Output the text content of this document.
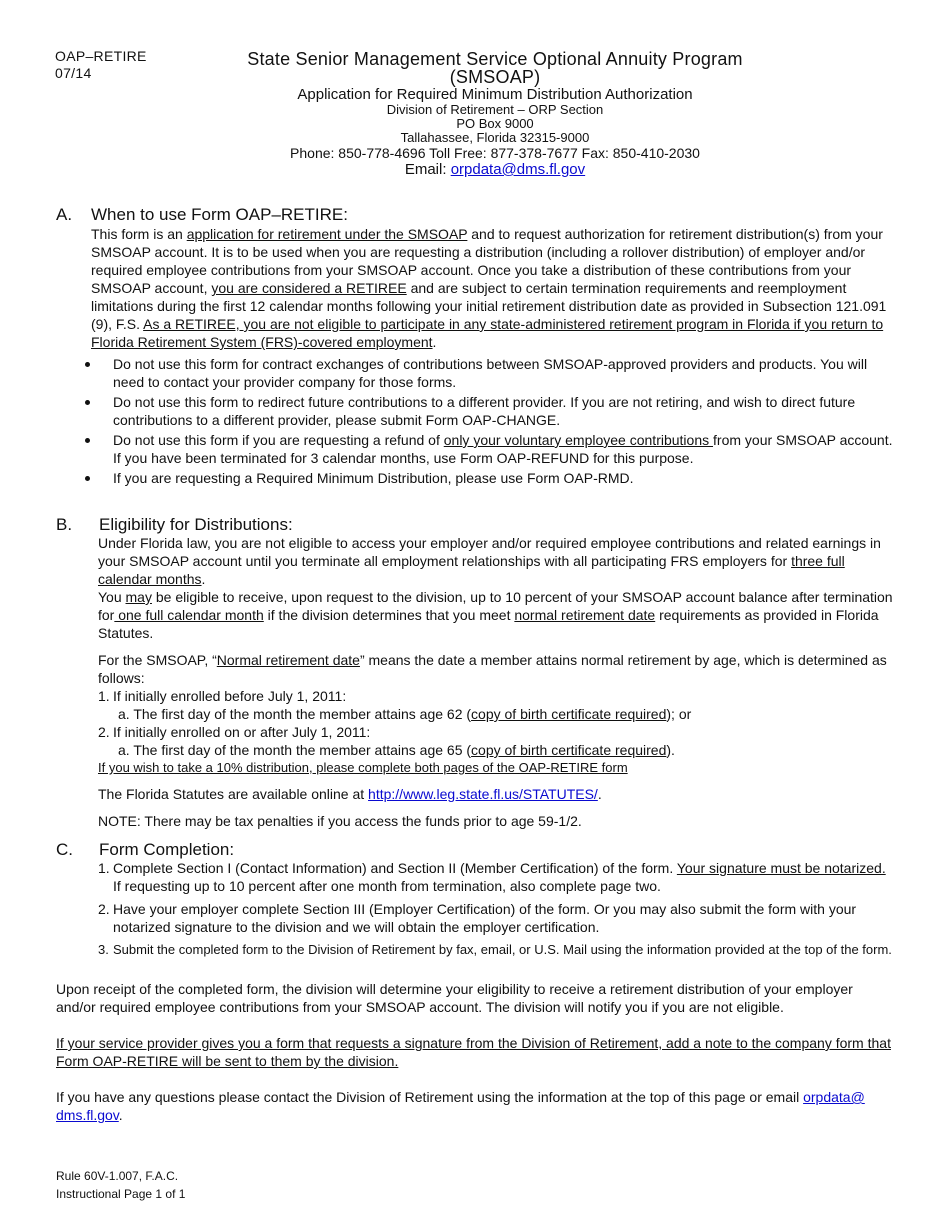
OAP–RETIRE
07/14
State Senior Management Service Optional Annuity Program
(SMSOAP)
Application for Required Minimum Distribution Authorization
Division of Retirement – ORP Section
PO Box 9000
Tallahassee, Florida 32315-9000
Phone: 850-778-4696 Toll Free: 877-378-7677 Fax: 850-410-2030
Email: orpdata@dms.fl.gov
A. When to use Form OAP–RETIRE:

This form is an application for retirement under the SMSOAP and to request authorization for retirement distribution(s) from your SMSOAP account. It is to be used when you are requesting a distribution (including a rollover distribution) of employer and/or required employee contributions from your SMSOAP account. Once you take a distribution of these contributions from your SMSOAP account, you are considered a RETIREE and are subject to certain termination requirements and reemployment limitations during the first 12 calendar months following your initial retirement distribution date as provided in Subsection 121.091 (9), F.S. As a RETIREE, you are not eligible to participate in any state-administered retirement program in Florida if you return to Florida Retirement System (FRS)-covered employment.

Do not use this form for contract exchanges of contributions between SMSOAP-approved providers and products. You will need to contact your provider company for those forms.
Do not use this form to redirect future contributions to a different provider. If you are not retiring, and wish to direct future contributions to a different provider, please submit Form OAP-CHANGE.
Do not use this form if you are requesting a refund of only your voluntary employee contributions from your SMSOAP account. If you have been terminated for 3 calendar months, use Form OAP-REFUND for this purpose.
If you are requesting a Required Minimum Distribution, please use Form OAP-RMD.
B. Eligibility for Distributions:

Under Florida law, you are not eligible to access your employer and/or required employee contributions and related earnings in your SMSOAP account until you terminate all employment relationships with all participating FRS employers for three full calendar months.

You may be eligible to receive, upon request to the division, up to 10 percent of your SMSOAP account balance after termination for one full calendar month if the division determines that you meet normal retirement date requirements as provided in Florida Statutes.

For the SMSOAP, “Normal retirement date” means the date a member attains normal retirement by age, which is determined as follows:

1. If initially enrolled before July 1, 2011:
a. The first day of the month the member attains age 62 (copy of birth certificate required); or
2. If initially enrolled on or after July 1, 2011:
a. The first day of the month the member attains age 65 (copy of birth certificate required).
If you wish to take a 10% distribution, please complete both pages of the OAP-RETIRE form

The Florida Statutes are available online at http://www.leg.state.fl.us/STATUTES/.

NOTE: There may be tax penalties if you access the funds prior to age 59-1/2.

C. Form Completion:
1. Complete Section I (Contact Information) and Section II (Member Certification) of the form. Your signature must be notarized. If requesting up to 10 percent after one month from termination, also complete page two.
2. Have your employer complete Section III (Employer Certification) of the form. Or you may also submit the form with your notarized signature to the division and we will obtain the employer certification.
3. Submit the completed form to the Division of Retirement by fax, email, or U.S. Mail using the information provided at the top of the form.

Upon receipt of the completed form, the division will determine your eligibility to receive a retirement distribution of your employer and/or required employee contributions from your SMSOAP account. The division will notify you if you are not eligible.

If your service provider gives you a form that requests a signature from the Division of Retirement, add a note to the company form that Form OAP-RETIRE will be sent to them by the division.

If you have any questions please contact the Division of Retirement using the information at the top of this page or email orpdata@ dms.fl.gov.

Rule 60V-1.007, F.A.C.
Instructional Page 1 of 1
